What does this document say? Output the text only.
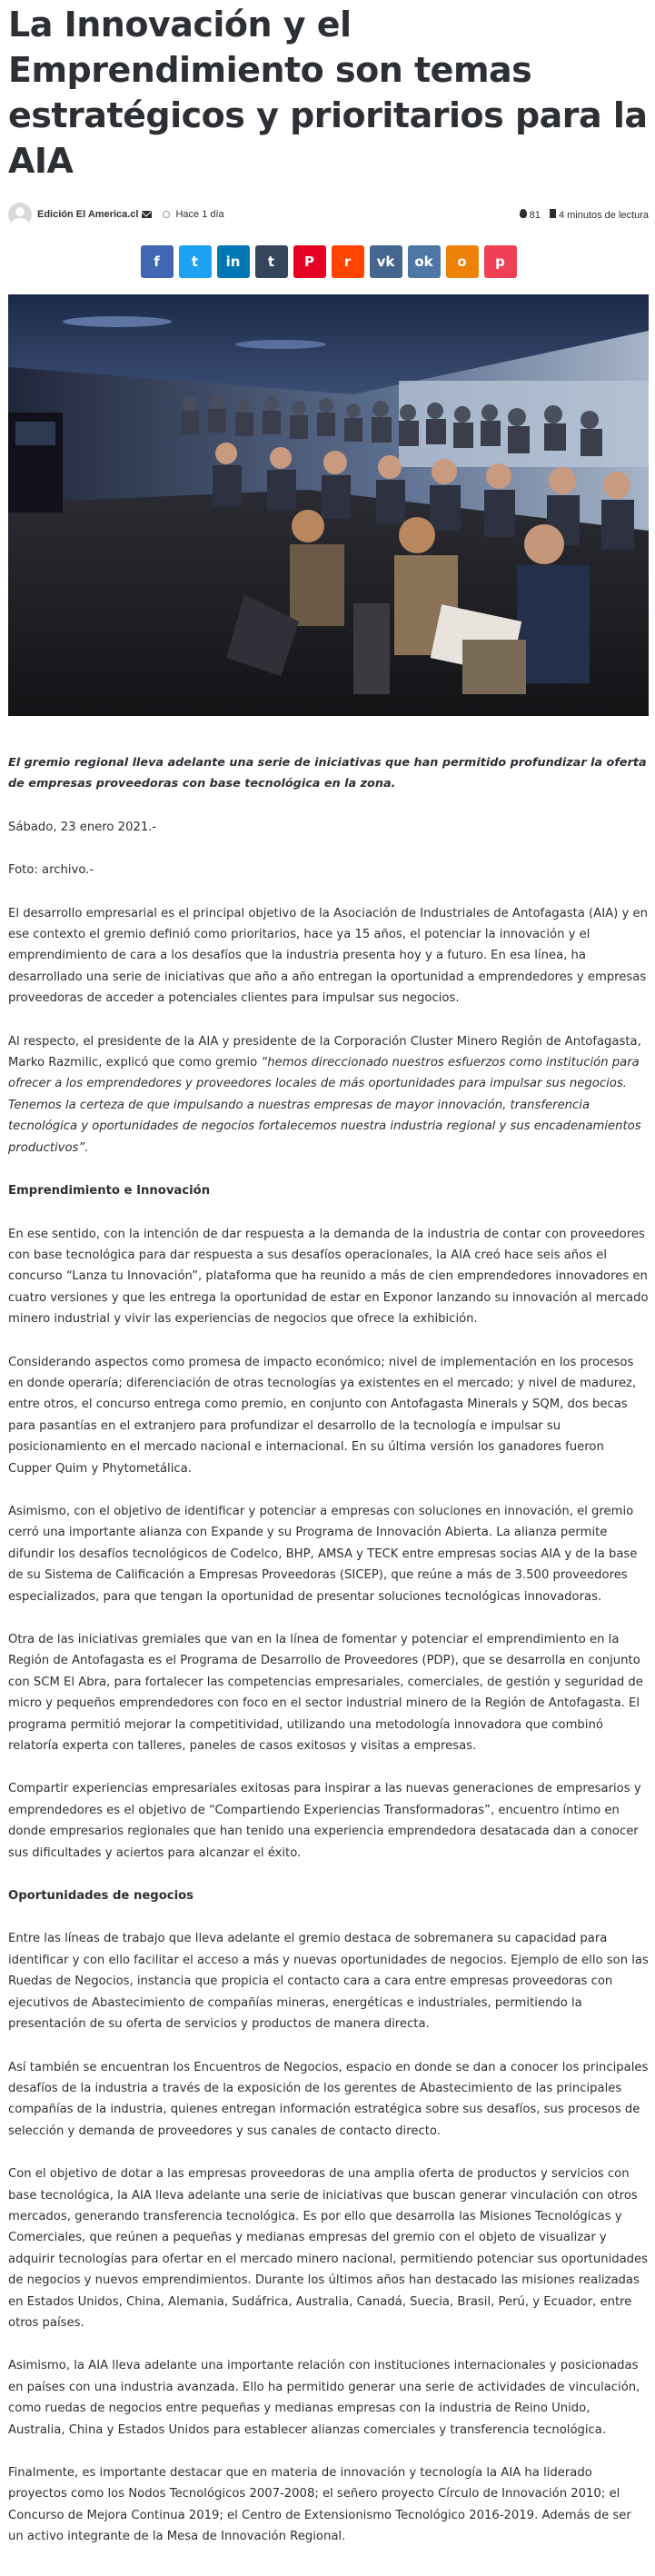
La Innovación y el Emprendimiento son temas estratégicos y prioritarios para la AIA
Edición El America.cl	Hace 1 día	81	4 minutos de lectura
f t in t P r vk ok o p

El gremio regional lleva adelante una serie de iniciativas que han permitido profundizar la oferta de empresas proveedoras con base tecnológica en la zona.

Sábado, 23 enero 2021.-

Foto: archivo.-

El desarrollo empresarial es el principal objetivo de la Asociación de Industriales de Antofagasta (AIA) y en ese contexto el gremio definió como prioritarios, hace ya 15 años, el potenciar la innovación y el emprendimiento de cara a los desafíos que la industria presenta hoy y a futuro. En esa línea, ha desarrollado una serie de iniciativas que año a año entregan la oportunidad a emprendedores y empresas proveedoras de acceder a potenciales clientes para impulsar sus negocios.

Al respecto, el presidente de la AIA y presidente de la Corporación Cluster Minero Región de Antofagasta, Marko Razmilic, explicó que como gremio “hemos direccionado nuestros esfuerzos como institución para ofrecer a los emprendedores y proveedores locales de más oportunidades para impulsar sus negocios. Tenemos la certeza de que impulsando a nuestras empresas de mayor innovación, transferencia tecnológica y oportunidades de negocios fortalecemos nuestra industria regional y sus encadenamientos productivos”.

Emprendimiento e Innovación

En ese sentido, con la intención de dar respuesta a la demanda de la industria de contar con proveedores con base tecnológica para dar respuesta a sus desafíos operacionales, la AIA creó hace seis años el concurso “Lanza tu Innovación”, plataforma que ha reunido a más de cien emprendedores innovadores en cuatro versiones y que les entrega la oportunidad de estar en Exponor lanzando su innovación al mercado minero industrial y vivir las experiencias de negocios que ofrece la exhibición.

Considerando aspectos como promesa de impacto económico; nivel de implementación en los procesos en donde operaría; diferenciación de otras tecnologías ya existentes en el mercado; y nivel de madurez, entre otros, el concurso entrega como premio, en conjunto con Antofagasta Minerals y SQM, dos becas para pasantías en el extranjero para profundizar el desarrollo de la tecnología e impulsar su posicionamiento en el mercado nacional e internacional. En su última versión los ganadores fueron Cupper Quim y Phytometálica.

Asimismo, con el objetivo de identificar y potenciar a empresas con soluciones en innovación, el gremio cerró una importante alianza con Expande y su Programa de Innovación Abierta. La alianza permite difundir los desafíos tecnológicos de Codelco, BHP, AMSA y TECK entre empresas socias AIA y de la base de su Sistema de Calificación a Empresas Proveedoras (SICEP), que reúne a más de 3.500 proveedores especializados, para que tengan la oportunidad de presentar soluciones tecnológicas innovadoras.

Otra de las iniciativas gremiales que van en la línea de fomentar y potenciar el emprendimiento en la Región de Antofagasta es el Programa de Desarrollo de Proveedores (PDP), que se desarrolla en conjunto con SCM El Abra, para fortalecer las competencias empresariales, comerciales, de gestión y seguridad de micro y pequeños emprendedores con foco en el sector industrial minero de la Región de Antofagasta. El programa permitió mejorar la competitividad, utilizando una metodología innovadora que combinó relatoría experta con talleres, paneles de casos exitosos y visitas a empresas.

Compartir experiencias empresariales exitosas para inspirar a las nuevas generaciones de empresarios y emprendedores es el objetivo de “Compartiendo Experiencias Transformadoras”, encuentro íntimo en donde empresarios regionales que han tenido una experiencia emprendedora desatacada dan a conocer sus dificultades y aciertos para alcanzar el éxito.

Oportunidades de negocios

Entre las líneas de trabajo que lleva adelante el gremio destaca de sobremanera su capacidad para identificar y con ello facilitar el acceso a más y nuevas oportunidades de negocios. Ejemplo de ello son las Ruedas de Negocios, instancia que propicia el contacto cara a cara entre empresas proveedoras con ejecutivos de Abastecimiento de compañías mineras, energéticas e industriales, permitiendo la presentación de su oferta de servicios y productos de manera directa.

Así también se encuentran los Encuentros de Negocios, espacio en donde se dan a conocer los principales desafíos de la industria a través de la exposición de los gerentes de Abastecimiento de las principales compañías de la industria, quienes entregan información estratégica sobre sus desafíos, sus procesos de selección y demanda de proveedores y sus canales de contacto directo.

Con el objetivo de dotar a las empresas proveedoras de una amplia oferta de productos y servicios con base tecnológica, la AIA lleva adelante una serie de iniciativas que buscan generar vinculación con otros mercados, generando transferencia tecnológica. Es por ello que desarrolla las Misiones Tecnológicas y Comerciales, que reúnen a pequeñas y medianas empresas del gremio con el objeto de visualizar y adquirir tecnologías para ofertar en el mercado minero nacional, permitiendo potenciar sus oportunidades de negocios y nuevos emprendimientos. Durante los últimos años han destacado las misiones realizadas en Estados Unidos, China, Alemania, Sudáfrica, Australia, Canadá, Suecia, Brasil, Perú, y Ecuador, entre otros países.

Asimismo, la AIA lleva adelante una importante relación con instituciones internacionales y posicionadas en países con una industria avanzada. Ello ha permitido generar una serie de actividades de vinculación, como ruedas de negocios entre pequeñas y medianas empresas con la industria de Reino Unido, Australia, China y Estados Unidos para establecer alianzas comerciales y transferencia tecnológica.

Finalmente, es importante destacar que en materia de innovación y tecnología la AIA ha liderado proyectos como los Nodos Tecnológicos 2007-2008; el señero proyecto Círculo de Innovación 2010; el Concurso de Mejora Continua 2019; el Centro de Extensionismo Tecnológico 2016-2019. Además de ser un activo integrante de la Mesa de Innovación Regional.
